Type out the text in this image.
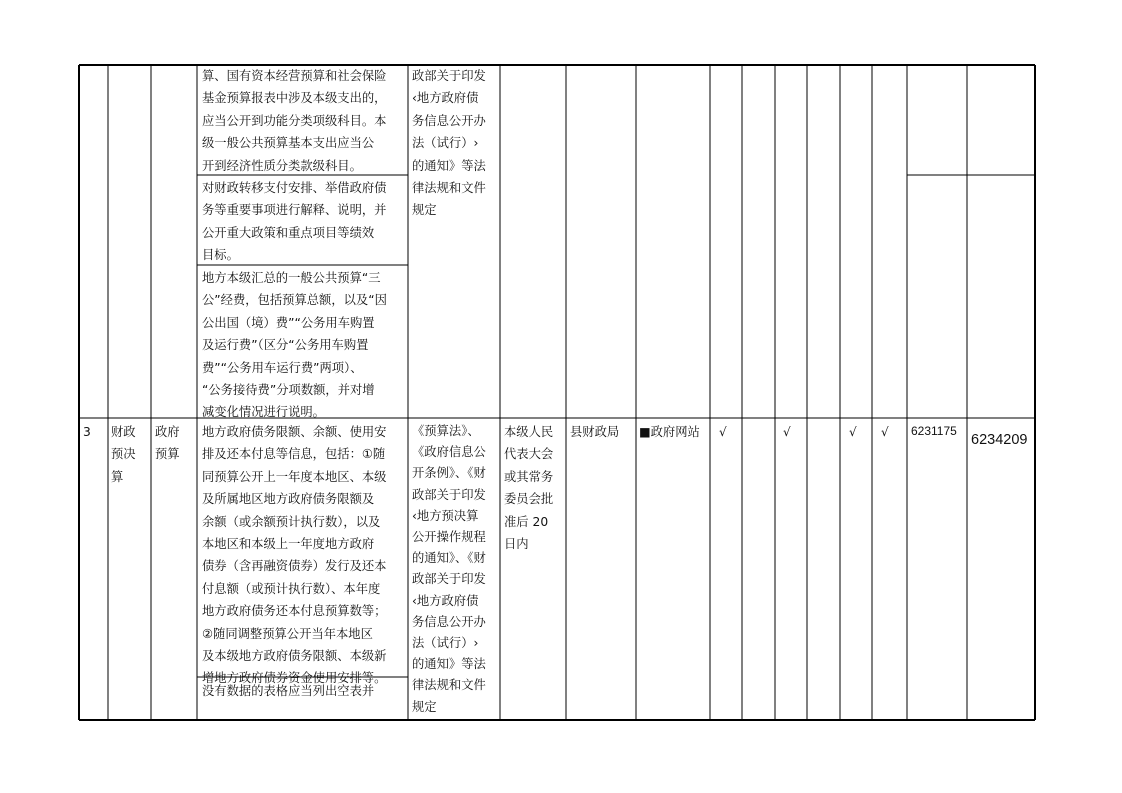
算、国有资本经营预算和社会保险
基金预算报表中涉及本级支出的，
应当公开到功能分类项级科目。本
级一般公共预算基本支出应当公
开到经济性质分类款级科目。
对财政转移支付安排、举借政府债
务等重要事项进行解释、说明，并
公开重大政策和重点项目等绩效
目标。
地方本级汇总的一般公共预算“三
公”经费，包括预算总额，以及“因
公出国（境）费”“公务用车购置
及运行费”（区分“公务用车购置
费”“公务用车运行费”两项）、
“公务接待费”分项数额，并对增
减变化情况进行说明。
政部关于印发
‹地方政府债
务信息公开办
法（试行）›
的通知》等法
律法规和文件
规定
3 财政
预决
算
政府
预算
地方政府债务限额、余额、使用安
排及还本付息等信息，包括：①随
同预算公开上一年度本地区、本级
及所属地区地方政府债务限额及
余额（或余额预计执行数），以及
本地区和本级上一年度地方政府
债券（含再融资债券）发行及还本
付息额（或预计执行数）、本年度
地方政府债务还本付息预算数等；
②随同调整预算公开当年本地区
及本级地方政府债务限额、本级新
增地方政府债券资金使用安排等。
没有数据的表格应当列出空表并
《预算法》、
《政府信息公
开条例》、《财
政部关于印发
‹地方预决算
公开操作规程
的通知》、《财
政部关于印发
‹地方政府债
务信息公开办
法（试行）›
的通知》等法
律法规和文件
规定
本级人民
代表大会
或其常务
委员会批
准后 20
日内
县财政局 ■政府网站 √	√	√ √ 6231175
6234209
